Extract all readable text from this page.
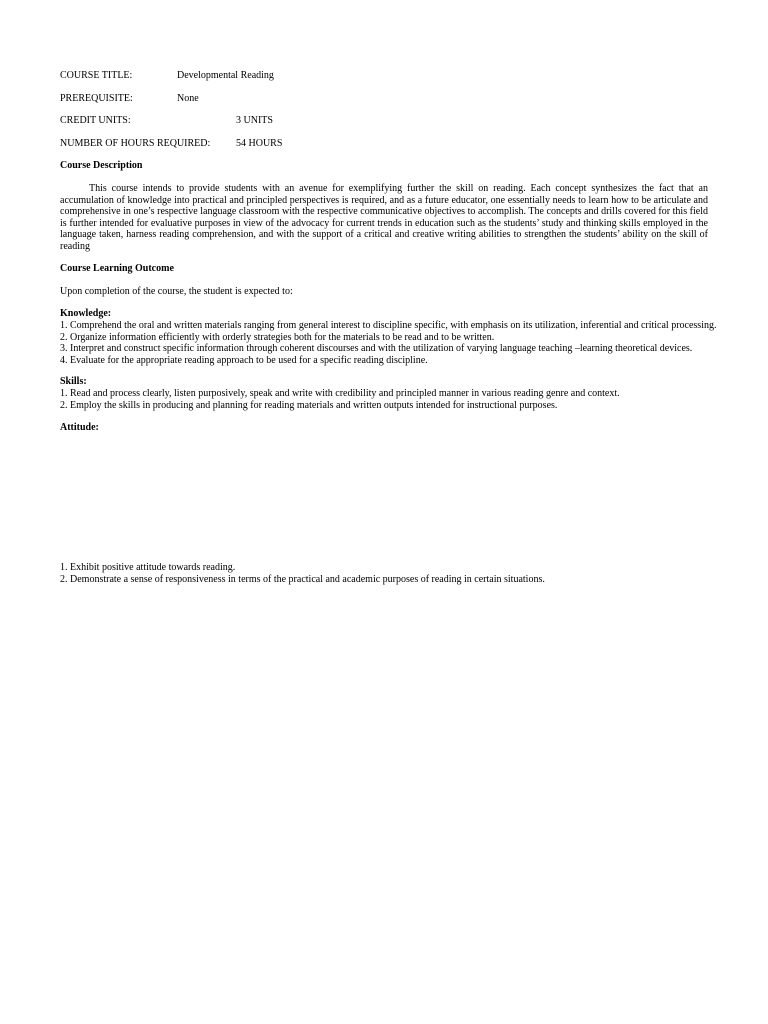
COURSE TITLE:	Developmental Reading
PREREQUISITE:	None
CREDIT UNITS:	3 UNITS
NUMBER OF HOURS REQUIRED:	54 HOURS
Course Description

This course intends to provide students with an avenue for exemplifying further the skill on reading. Each concept synthesizes the fact that an accumulation of knowledge into practical and principled perspectives is required, and as a future educator, one essentially needs to learn how to be articulate and comprehensive in one’s respective language classroom with the respective communicative objectives to accomplish. The concepts and drills covered for this field is further intended for evaluative purposes in view of the advocacy for current trends in education such as the students’ study and thinking skills employed in the language taken, harness reading comprehension, and with the support of a critical and creative writing abilities to strengthen the students’ ability on the skill of reading

Course Learning Outcome
Upon completion of the course, the student is expected to:
Knowledge:
1. Comprehend the oral and written materials ranging from general interest to discipline specific, with emphasis on its utilization, inferential and critical processing.
2. Organize information efficiently with orderly strategies both for the materials to be read and to be written.
3. Interpret and construct specific information through coherent discourses and with the utilization of varying language teaching –learning theoretical devices.
4. Evaluate for the appropriate reading approach to be used for a specific reading discipline.
Skills:
1. Read and process clearly, listen purposively, speak and write with credibility and principled manner in various reading genre and context.
2. Employ the skills in producing and planning for reading materials and written outputs intended for instructional purposes.
Attitude:
1. Exhibit positive attitude towards reading.
2. Demonstrate a sense of responsiveness in terms of the practical and academic purposes of reading in certain situations.
